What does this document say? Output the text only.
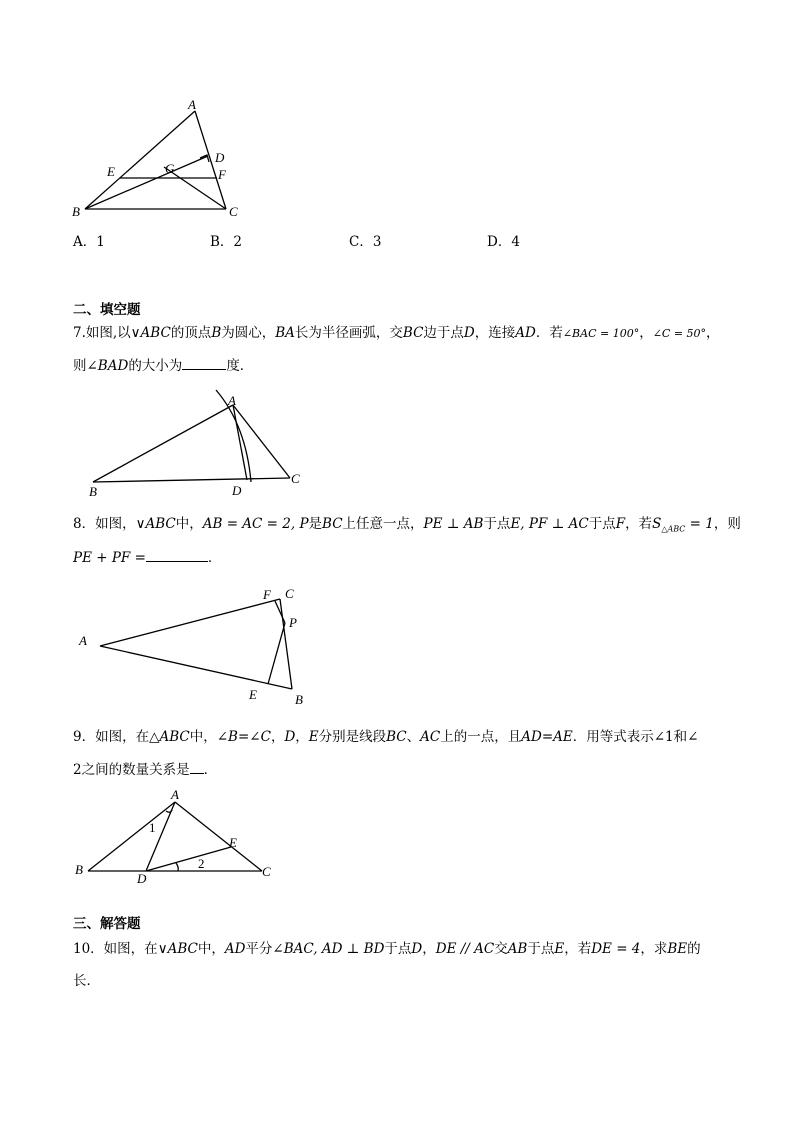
A
B	C
D
E	F
G
A．1	B．2	C．3	D．4
二、填空题
7.如图,以∨ABC的顶点B为圆心，BA长为半径画弧，交BC边于点D，连接AD．若∠BAC = 100°，∠C = 50°，
则∠BAD的大小为	度．
A
B
C
D
8．如图，∨ABC中，AB = AC = 2, P是BC上任意一点，PE ⊥ AB于点E, PF ⊥ AC于点F，若$S_{\triangle ABC} = 1$，则
PE + PF =	．
A
B
C
E
F
P
9．如图，在△ABC中，∠B=∠C，D，E分别是线段BC、AC上的一点，且AD=AE．用等式表示∠1和∠
2之间的数量关系是 ．
A
B	C
D
E
1
2
三、解答题
10．如图，在∨ABC中，AD平分∠BAC, AD ⊥ BD于点D，DE // AC交AB于点E，若DE = 4，求BE的
长．
